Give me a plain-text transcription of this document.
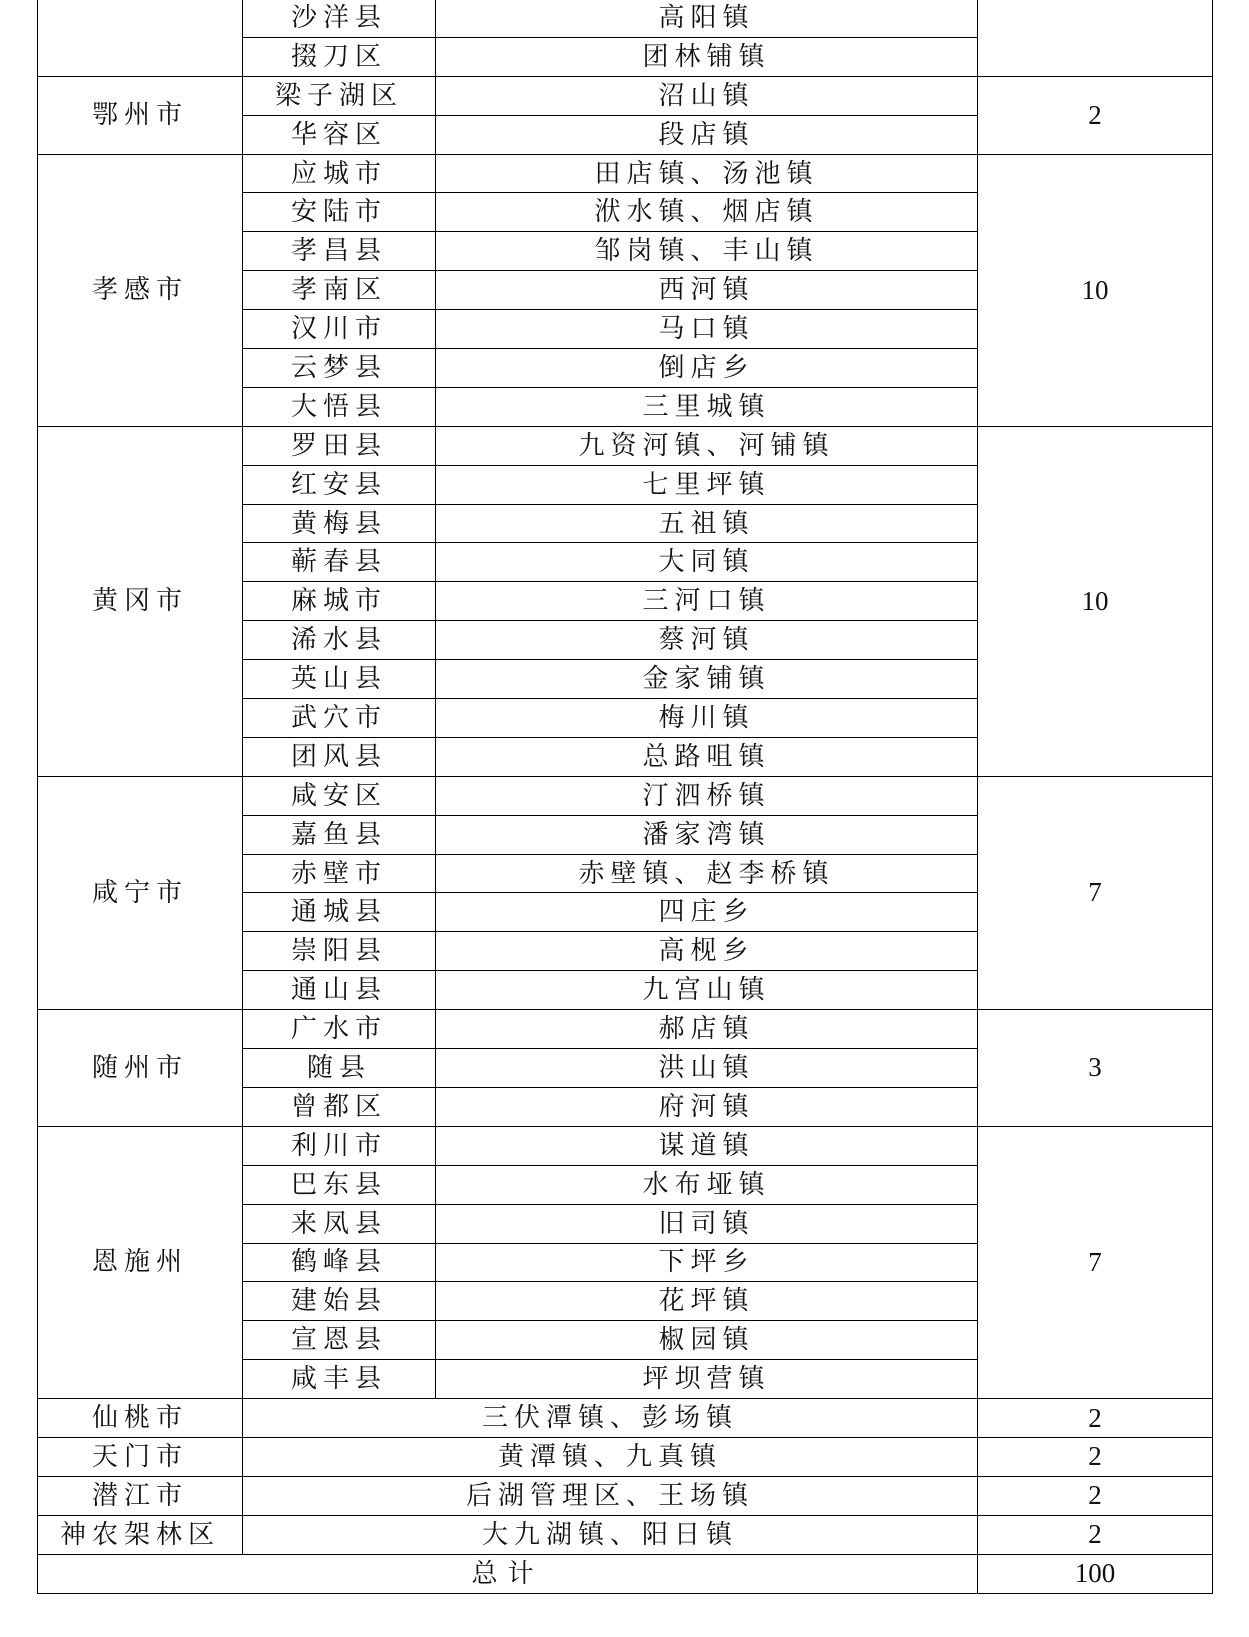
	沙洋县	高阳镇	
	掇刀区	团林铺镇	
鄂州市	梁子湖区	沼山镇	2
	华容区	段店镇	
孝感市	应城市	田店镇、汤池镇	10
	安陆市	洑水镇、烟店镇	
	孝昌县	邹岗镇、丰山镇	
	孝南区	西河镇	
	汉川市	马口镇	
	云梦县	倒店乡	
	大悟县	三里城镇	
黄冈市	罗田县	九资河镇、河铺镇	10
	红安县	七里坪镇	
	黄梅县	五祖镇	
	蕲春县	大同镇	
	麻城市	三河口镇	
	浠水县	蔡河镇	
	英山县	金家铺镇	
	武穴市	梅川镇	
	团风县	总路咀镇	
咸宁市	咸安区	汀泗桥镇	7
	嘉鱼县	潘家湾镇	
	赤壁市	赤壁镇、赵李桥镇	
	通城县	四庄乡	
	崇阳县	高枧乡	
	通山县	九宫山镇	
随州市	广水市	郝店镇	3
	随县	洪山镇	
	曾都区	府河镇	
恩施州	利川市	谋道镇	7
	巴东县	水布垭镇	
	来凤县	旧司镇	
	鹤峰县	下坪乡	
	建始县	花坪镇	
	宣恩县	椒园镇	
	咸丰县	坪坝营镇	
仙桃市	三伏潭镇、彭场镇		2
天门市	黄潭镇、九真镇		2
潜江市	后湖管理区、王场镇		2
神农架林区	大九湖镇、阳日镇		2
总计			100
